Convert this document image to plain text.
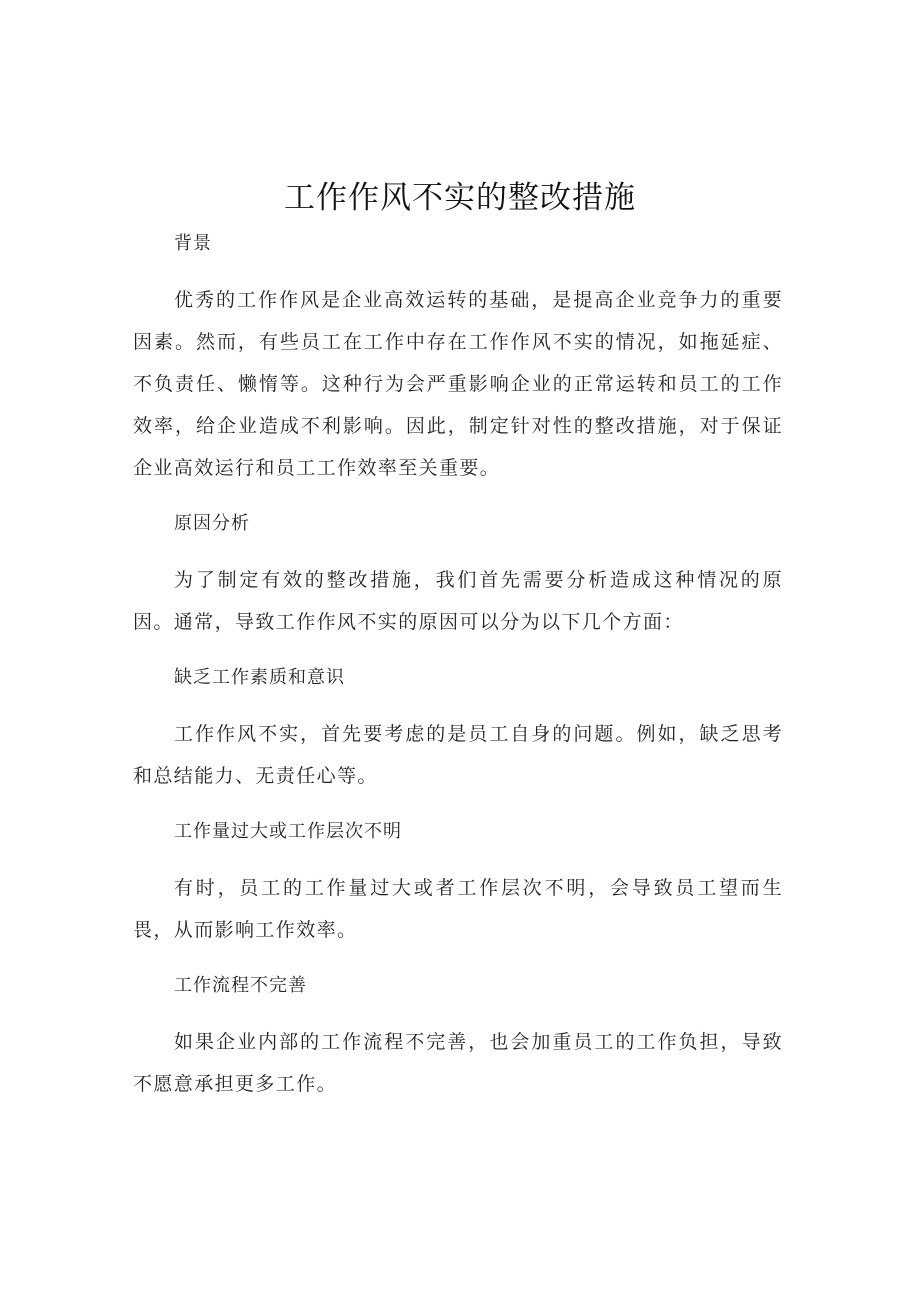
工作作风不实的整改措施
背景
优秀的工作作风是企业高效运转的基础，是提高企业竞争力的重要因素。然而，有些员工在工作中存在工作作风不实的情况，如拖延症、不负责任、懒惰等。这种行为会严重影响企业的正常运转和员工的工作效率，给企业造成不利影响。因此，制定针对性的整改措施，对于保证企业高效运行和员工工作效率至关重要。
原因分析
为了制定有效的整改措施，我们首先需要分析造成这种情况的原因。通常，导致工作作风不实的原因可以分为以下几个方面：
缺乏工作素质和意识
工作作风不实，首先要考虑的是员工自身的问题。例如，缺乏思考和总结能力、无责任心等。
工作量过大或工作层次不明
有时，员工的工作量过大或者工作层次不明，会导致员工望而生畏，从而影响工作效率。
工作流程不完善
如果企业内部的工作流程不完善，也会加重员工的工作负担，导致不愿意承担更多工作。
